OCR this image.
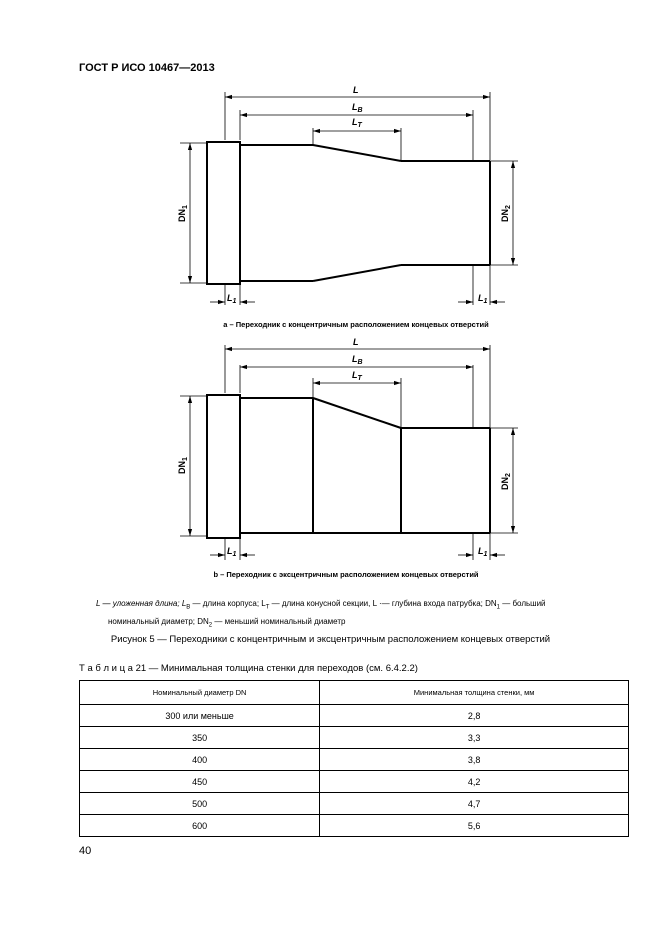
ГОСТ Р ИСО 10467—2013
L
$L_B$
$L_T$
$L_1$	$L_1$
$DN_1$
$DN_2$
а – Переходник с концентричным расположением концевых отверстий
L
$L_B$
$L_T$
$L_1$	$L_1$
$DN_1$
$DN_2$
b – Переходник с эксцентричным расположением концевых отверстий
L — уложенная длина; $L_B$ — длина корпуса; $L_T$ — длина конусной секции, L ·— глубина входа патрубка; $DN_1$ — больший
номинальный диаметр; $DN_2$ — меньший номинальный диаметр
Рисунок 5 — Переходники с концентричным и эксцентричным расположением концевых отверстий
Т а б л и ц а 21 — Минимальная толщина стенки для переходов (см. 6.4.2.2)
Номинальный диаметр DN	Минимальная толщина стенки, мм
300 или меньше	2,8
350	3,3
400	3,8
450	4,2
500	4,7
600	5,6
40
